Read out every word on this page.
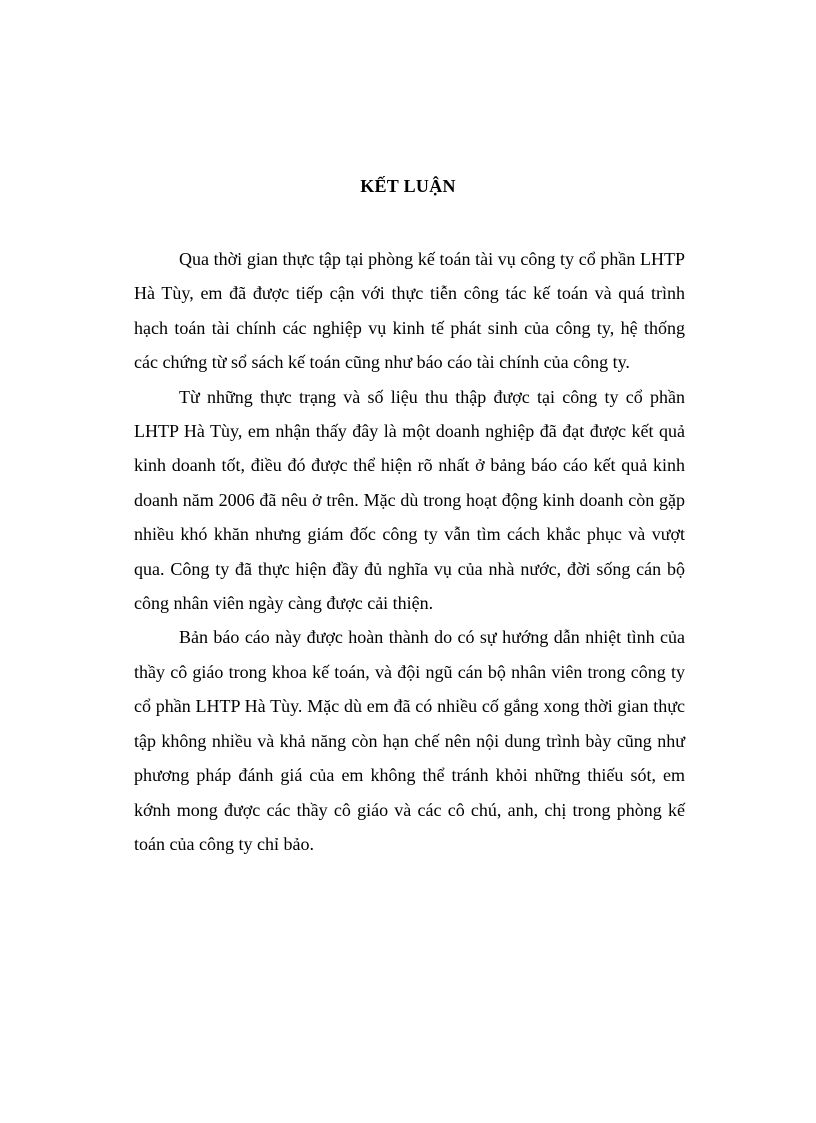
KẾT LUẬN

Qua thời gian thực tập tại phòng kế toán tài vụ công ty cổ phần LHTP Hà Tùy, em đã được tiếp cận với thực tiễn công tác kế toán và quá trình hạch toán tài chính các nghiệp vụ kinh tế phát sinh của công ty, hệ thống các chứng từ sổ sách kế toán cũng như báo cáo tài chính của công ty.

Từ những thực trạng và số liệu thu thập được tại công ty cổ phần LHTP Hà Tùy, em nhận thấy đây là một doanh nghiệp đã đạt được kết quả kinh doanh tốt, điều đó được thể hiện rõ nhất ở bảng báo cáo kết quả kinh doanh năm 2006 đã nêu ở trên. Mặc dù trong hoạt động kinh doanh còn gặp nhiều khó khăn nhưng giám đốc công ty vẫn tìm cách khắc phục và vượt qua. Công ty đã thực hiện đầy đủ nghĩa vụ của nhà nước, đời sống cán bộ công nhân viên ngày càng được cải thiện.

Bản báo cáo này được hoàn thành do có sự hướng dẫn nhiệt tình của thầy cô giáo trong khoa kế toán, và đội ngũ cán bộ nhân viên trong công ty cổ phần LHTP Hà Tùy. Mặc dù em đã có nhiều cố gắng xong thời gian thực tập không nhiều và khả năng còn hạn chế nên nội dung trình bày cũng như phương pháp đánh giá của em không thể tránh khỏi những thiếu sót, em kớnh mong được các thầy cô giáo và các cô chú, anh, chị trong phòng kế toán của công ty chỉ bảo.
